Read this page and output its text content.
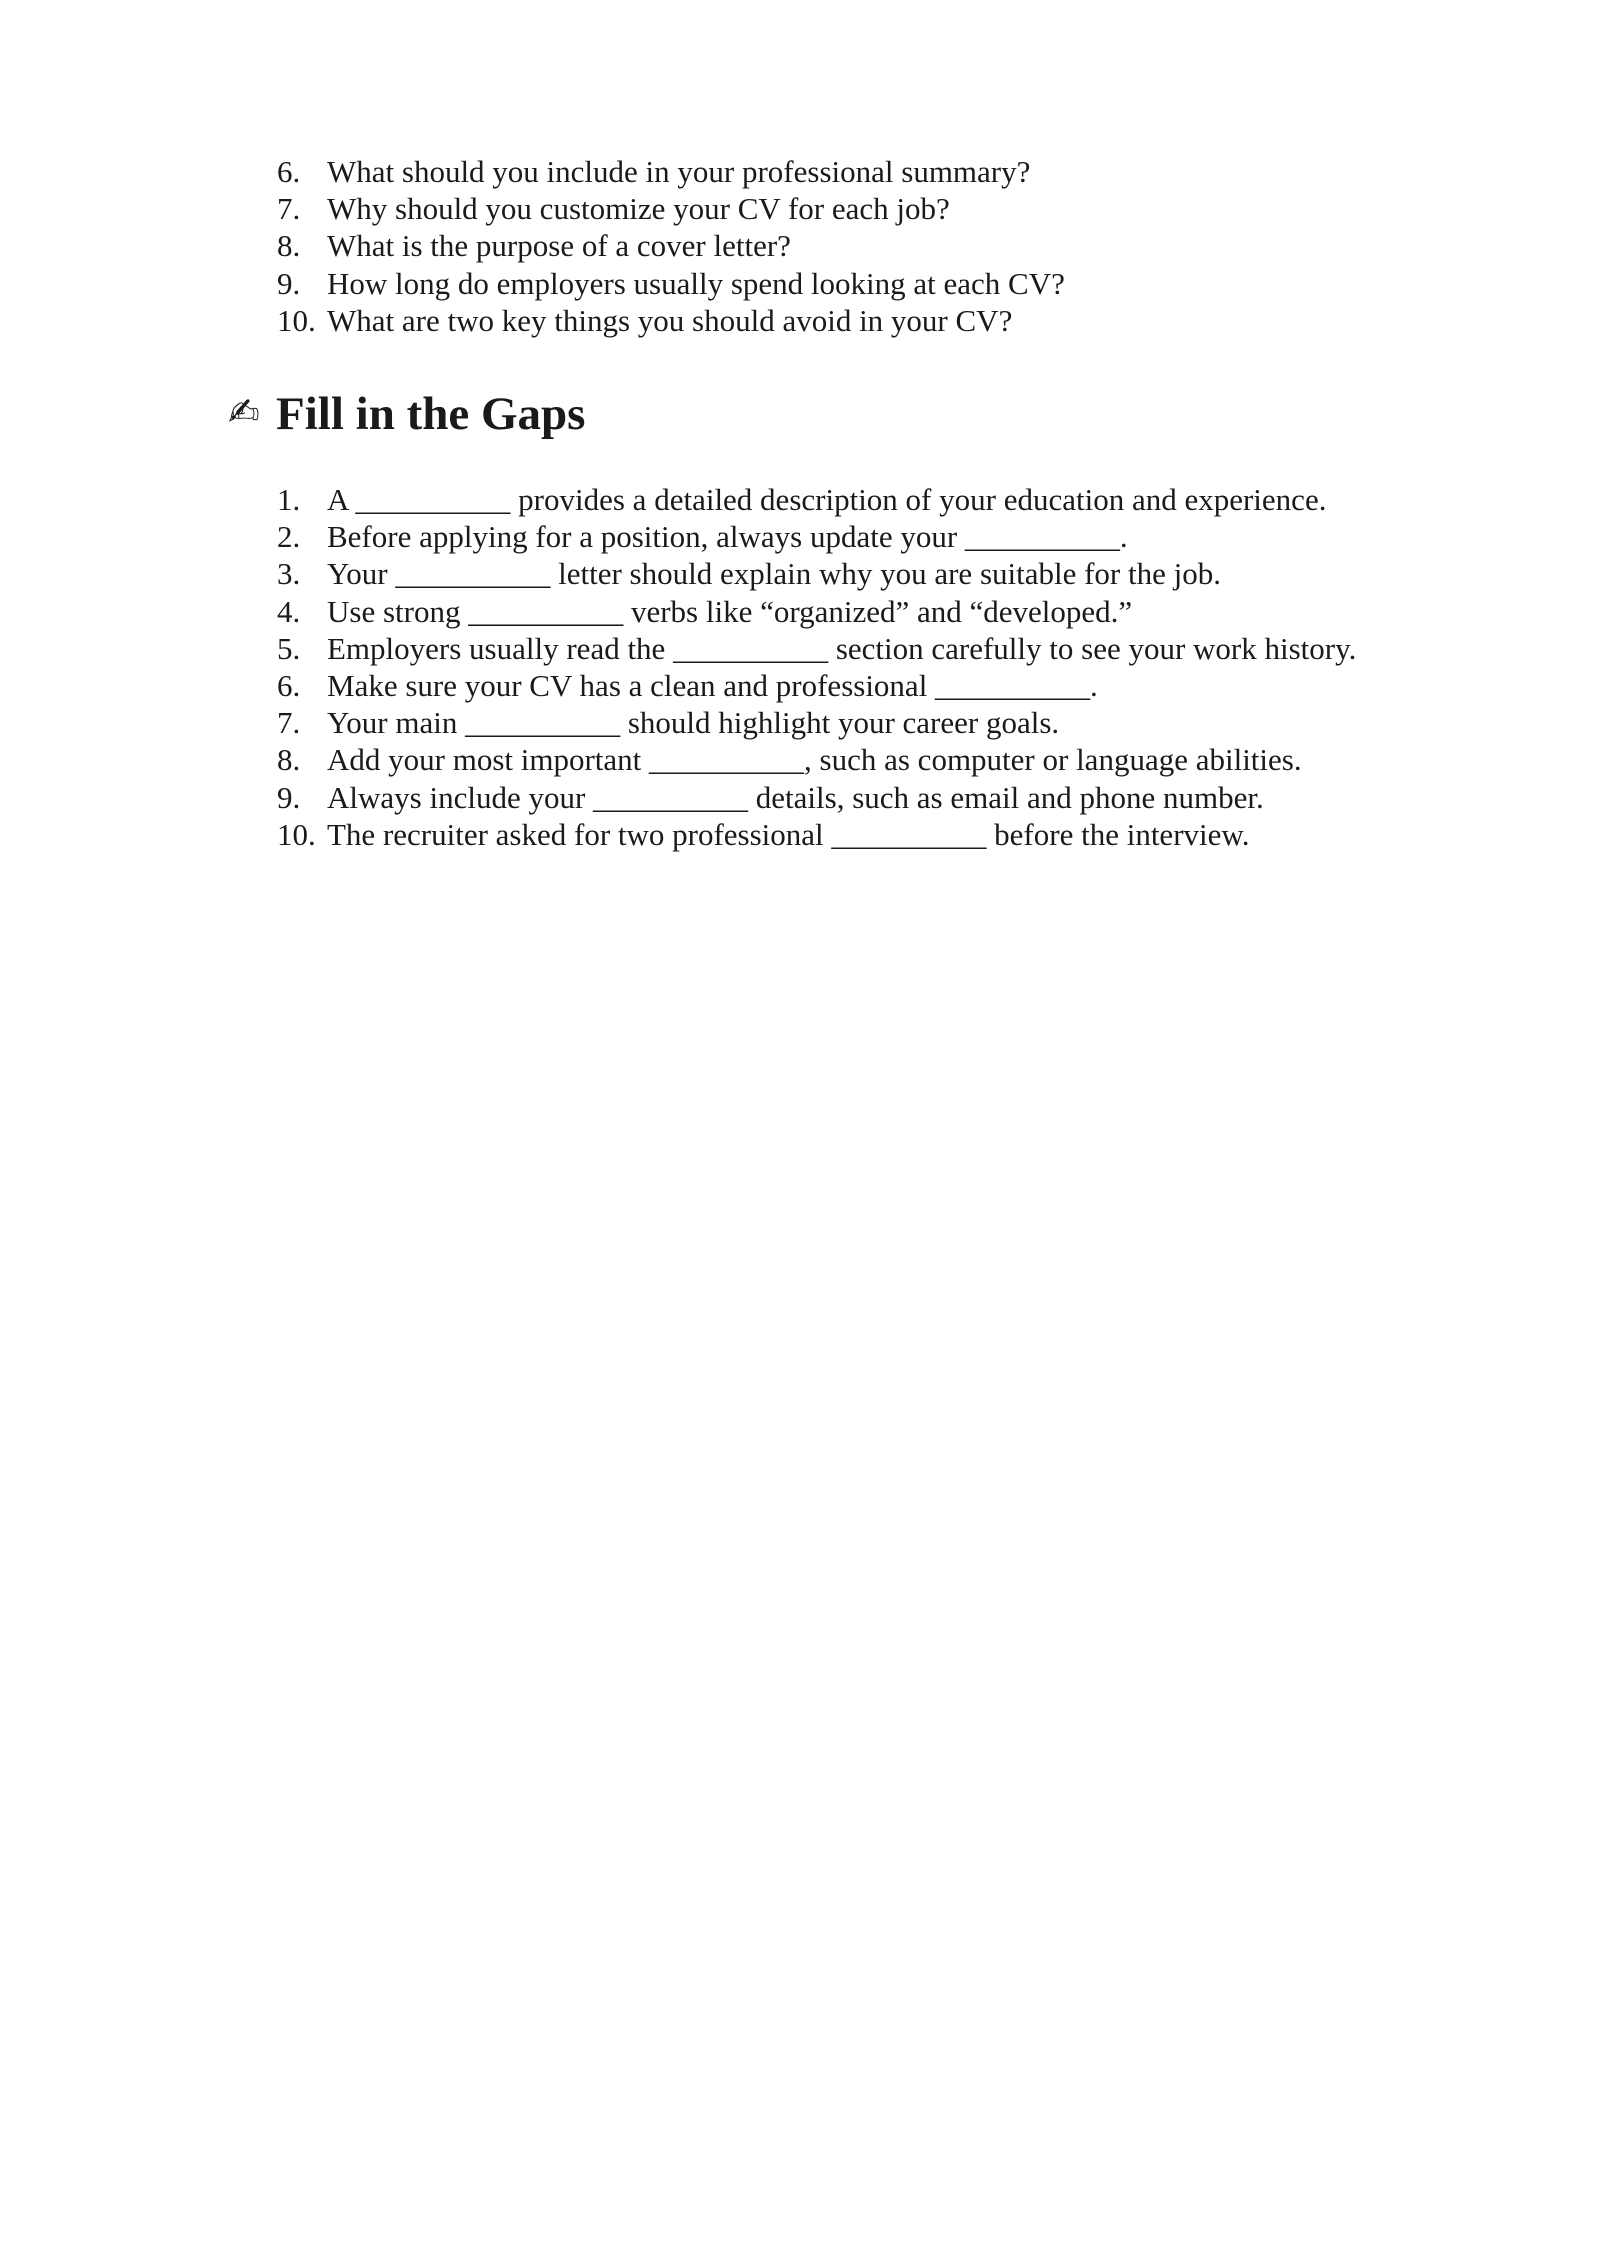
6. What should you include in your professional summary?
7. Why should you customize your CV for each job?
8. What is the purpose of a cover letter?
9. How long do employers usually spend looking at each CV?
10. What are two key things you should avoid in your CV?
✍ Fill in the Gaps
1. A __________ provides a detailed description of your education and experience.
2. Before applying for a position, always update your __________.
3. Your __________ letter should explain why you are suitable for the job.
4. Use strong __________ verbs like “organized” and “developed.”
5. Employers usually read the __________ section carefully to see your work history.
6. Make sure your CV has a clean and professional __________.
7. Your main __________ should highlight your career goals.
8. Add your most important __________, such as computer or language abilities.
9. Always include your __________ details, such as email and phone number.
10. The recruiter asked for two professional __________ before the interview.
